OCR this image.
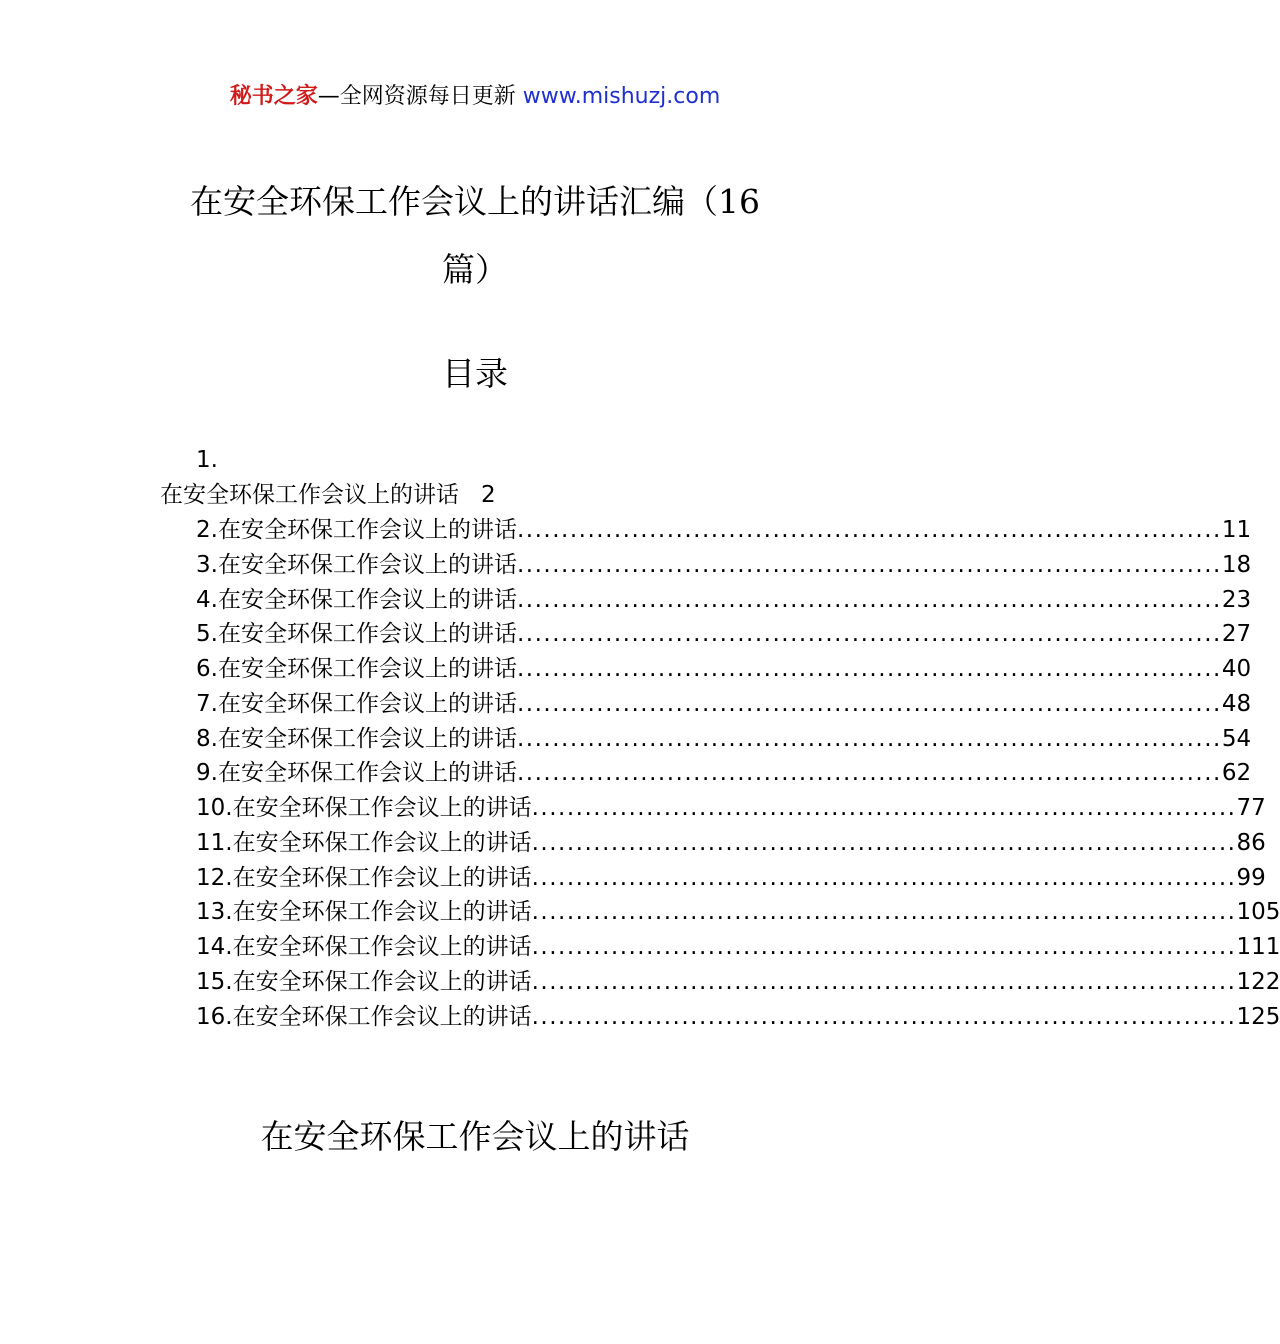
秘书之家—全网资源每日更新 www.mishuzj.com
在安全环保工作会议上的讲话汇编（16
篇）
目录
1.
在安全环保工作会议上的讲话 2
2.在安全环保工作会议上的讲话 ................................................................................ 11
3.在安全环保工作会议上的讲话 ................................................................................ 18
4.在安全环保工作会议上的讲话 ................................................................................ 23
5.在安全环保工作会议上的讲话 ................................................................................ 27
6.在安全环保工作会议上的讲话 ................................................................................ 40
7.在安全环保工作会议上的讲话 ................................................................................ 48
8.在安全环保工作会议上的讲话 ................................................................................ 54
9.在安全环保工作会议上的讲话 ................................................................................ 62
10.在安全环保工作会议上的讲话 ................................................................................ 77
11.在安全环保工作会议上的讲话 ................................................................................ 86
12.在安全环保工作会议上的讲话 ................................................................................ 99
13.在安全环保工作会议上的讲话 ................................................................................ 105
14.在安全环保工作会议上的讲话 ................................................................................ 111
15.在安全环保工作会议上的讲话 ................................................................................ 122
16.在安全环保工作会议上的讲话 ................................................................................ 125
在安全环保工作会议上的讲话
